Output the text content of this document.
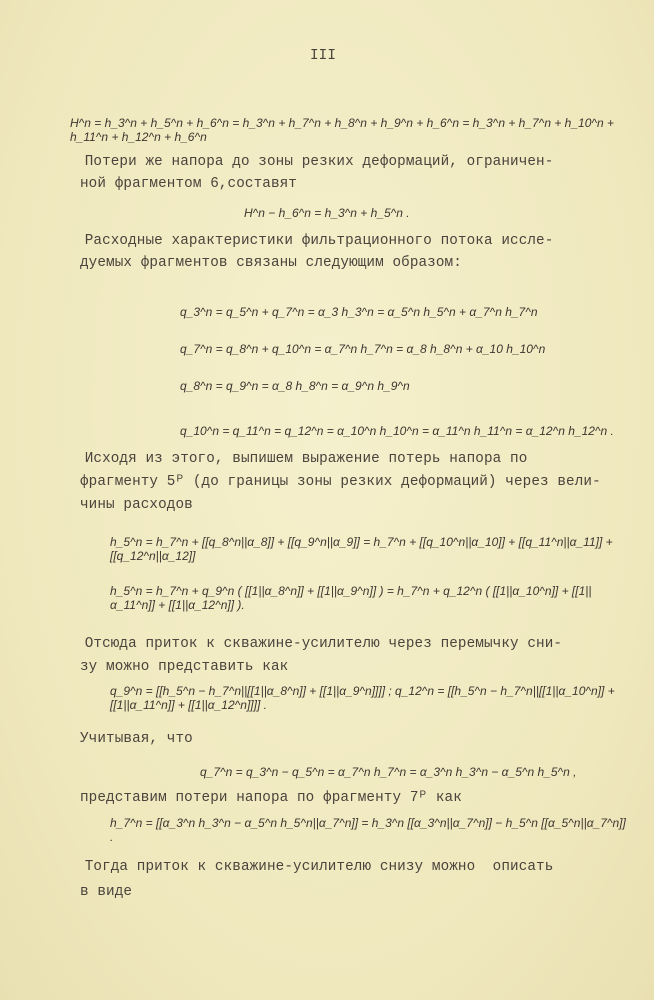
III
H^n = h_3^n + h_5^n + h_6^n = h_3^n + h_7^n + h_8^n + h_9^n + h_6^n = h_3^n + h_7^n + h_10^n + h_11^n + h_12^n + h_6^n
Потери же напора до зоны резких деформаций, ограничен-
ной фрагментом 6,составят
H^n − h_6^n = h_3^n + h_5^n .
Расходные характеристики фильтрационного потока иссле-
дуемых фрагментов связаны следующим образом:
q_3^n = q_5^n + q_7^n = α_3 h_3^n = α_5^n h_5^n + α_7^n h_7^n
q_7^n = q_8^n + q_10^n = α_7^n h_7^n = α_8 h_8^n + α_10 h_10^n
q_8^n = q_9^n = α_8 h_8^n = α_9^n h_9^n
q_10^n = q_11^n = q_12^n = α_10^n h_10^n = α_11^n h_11^n = α_12^n h_12^n .
Исходя из этого, выпишем выражение потерь напора по
фрагменту 5ᴾ (до границы зоны резких деформаций) через вели-
чины расходов
h_5^n = h_7^n + [[q_8^n||α_8]] + [[q_9^n||α_9]] = h_7^n + [[q_10^n||α_10]] + [[q_11^n||α_11]] + [[q_12^n||α_12]]
h_5^n = h_7^n + q_9^n ( [[1||α_8^n]] + [[1||α_9^n]] ) = h_7^n + q_12^n ( [[1||α_10^n]] + [[1||α_11^n]] + [[1||α_12^n]] ).
Отсюда приток к скважине-усилителю через перемычку сни-
зу можно представить как
q_9^n = [[h_5^n − h_7^n||[[1||α_8^n]] + [[1||α_9^n]]]] ; q_12^n = [[h_5^n − h_7^n||[[1||α_10^n]] + [[1||α_11^n]] + [[1||α_12^n]]]] .
Учитывая, что
q_7^n = q_3^n − q_5^n = α_7^n h_7^n = α_3^n h_3^n − α_5^n h_5^n ,
представим потери напора по фрагменту 7ᴾ как
h_7^n = [[α_3^n h_3^n − α_5^n h_5^n||α_7^n]] = h_3^n [[α_3^n||α_7^n]] − h_5^n [[α_5^n||α_7^n]] .
Тогда приток к скважине-усилителю снизу можно  описать
в виде
